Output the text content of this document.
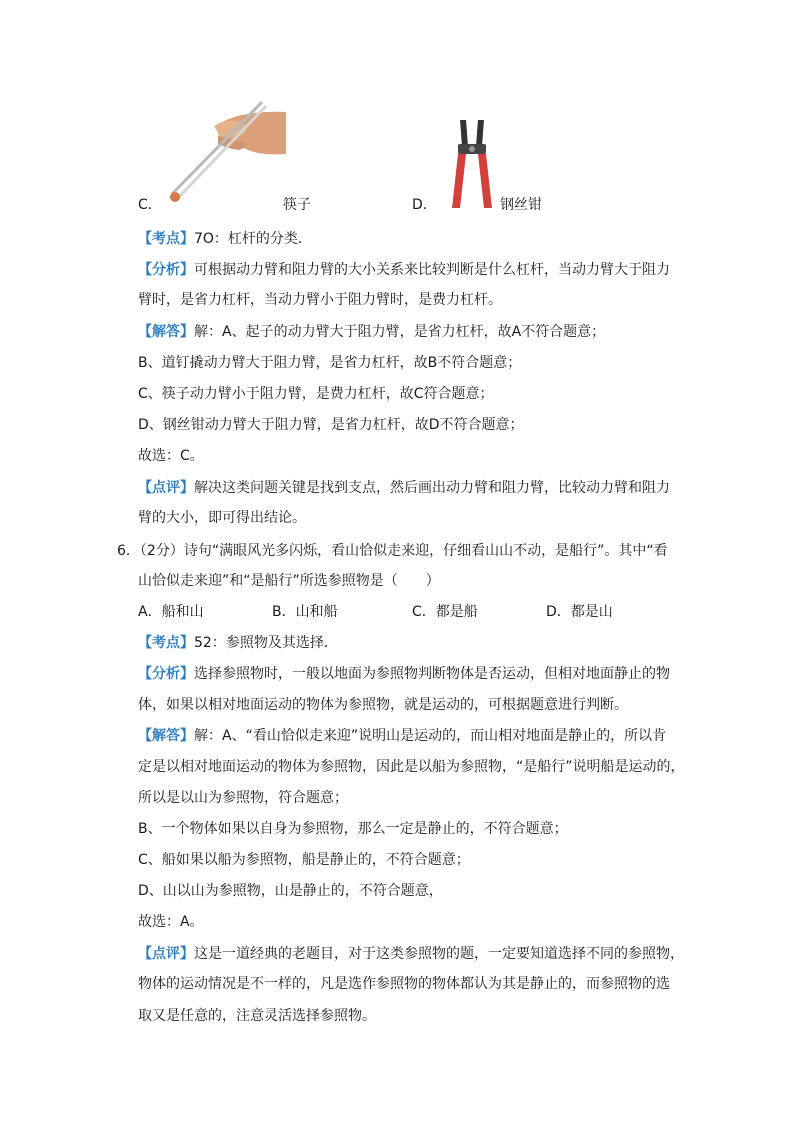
C．	筷子	D．	钢丝钳
【考点】7O：杠杆的分类．
【分析】可根据动力臂和阻力臂的大小关系来比较判断是什么杠杆，当动力臂大于阻力
臂时，是省力杠杆，当动力臂小于阻力臂时，是费力杠杆。
【解答】解：A、起子的动力臂大于阻力臂，是省力杠杆，故A不符合题意；
B、道钉撬动力臂大于阻力臂，是省力杠杆，故B不符合题意；
C、筷子动力臂小于阻力臂，是费力杠杆，故C符合题意；
D、钢丝钳动力臂大于阻力臂，是省力杠杆，故D不符合题意；
故选：C。
【点评】解决这类问题关键是找到支点，然后画出动力臂和阻力臂，比较动力臂和阻力
臂的大小，即可得出结论。
6．（2分）诗句“满眼风光多闪烁，看山恰似走来迎，仔细看山山不动，是船行”。其中“看
山恰似走来迎”和“是船行”所选参照物是（　　）
A．船和山	B．山和船	C．都是船	D．都是山
【考点】52：参照物及其选择．
【分析】选择参照物时，一般以地面为参照物判断物体是否运动，但相对地面静止的物
体，如果以相对地面运动的物体为参照物，就是运动的，可根据题意进行判断。
【解答】解：A、“看山恰似走来迎”说明山是运动的，而山相对地面是静止的，所以肯
定是以相对地面运动的物体为参照物，因此是以船为参照物，“是船行”说明船是运动的，
所以是以山为参照物，符合题意；
B、一个物体如果以自身为参照物，那么一定是静止的，不符合题意；
C、船如果以船为参照物，船是静止的，不符合题意；
D、山以山为参照物，山是静止的，不符合题意，
故选：A。
【点评】这是一道经典的老题目，对于这类参照物的题，一定要知道选择不同的参照物，
物体的运动情况是不一样的，凡是选作参照物的物体都认为其是静止的，而参照物的选
取又是任意的，注意灵活选择参照物。
